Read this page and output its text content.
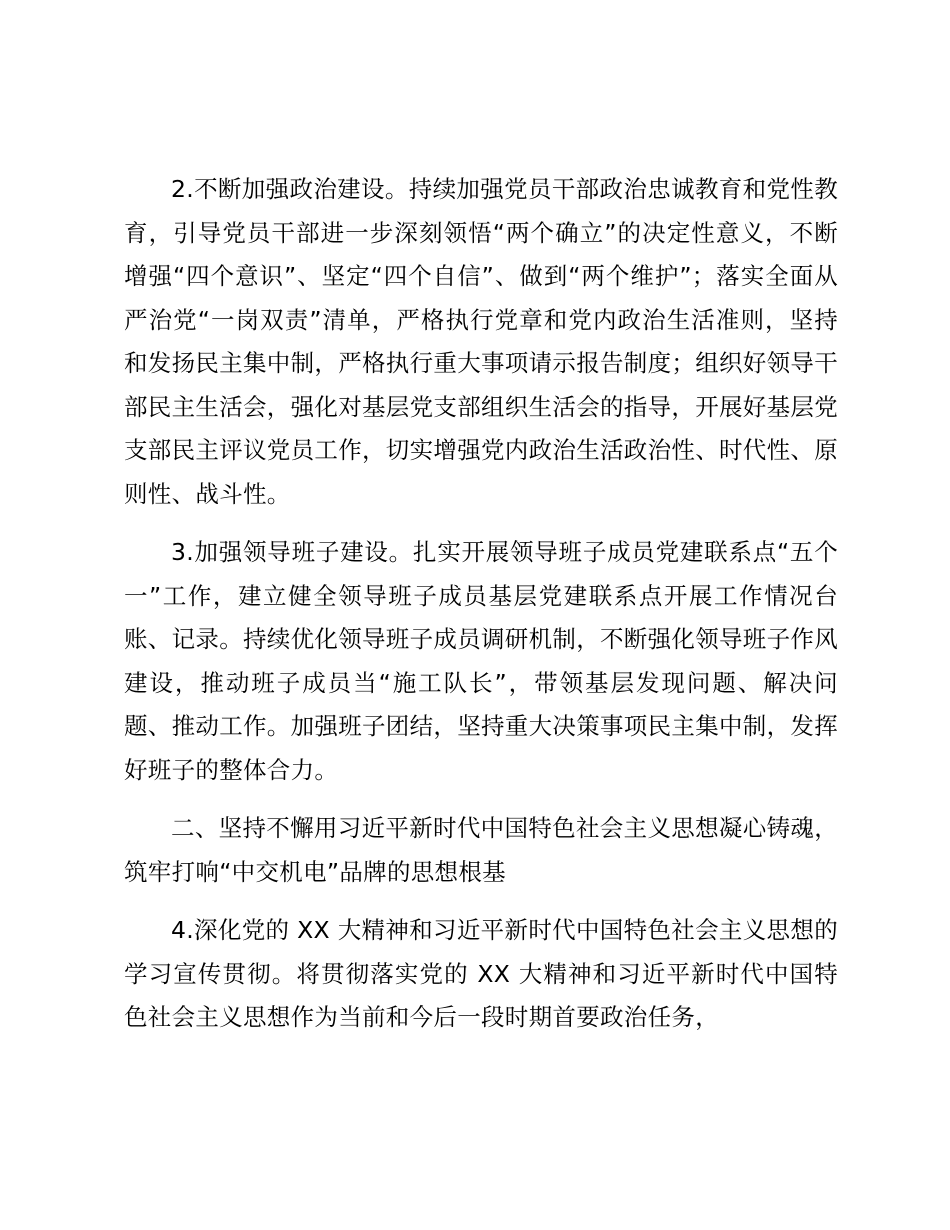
2.不断加强政治建设。持续加强党员干部政治忠诚教育和党性教育，引导党员干部进一步深刻领悟“两个确立”的决定性意义，不断增强“四个意识”、坚定“四个自信”、做到“两个维护”；落实全面从严治党“一岗双责”清单，严格执行党章和党内政治生活准则，坚持和发扬民主集中制，严格执行重大事项请示报告制度；组织好领导干部民主生活会，强化对基层党支部组织生活会的指导，开展好基层党支部民主评议党员工作，切实增强党内政治生活政治性、时代性、原则性、战斗性。

3.加强领导班子建设。扎实开展领导班子成员党建联系点“五个一”工作，建立健全领导班子成员基层党建联系点开展工作情况台账、记录。持续优化领导班子成员调研机制，不断强化领导班子作风建设，推动班子成员当“施工队长”，带领基层发现问题、解决问题、推动工作。加强班子团结，坚持重大决策事项民主集中制，发挥好班子的整体合力。

二、坚持不懈用习近平新时代中国特色社会主义思想凝心铸魂，筑牢打响“中交机电”品牌的思想根基

4.深化党的 XX 大精神和习近平新时代中国特色社会主义思想的学习宣传贯彻。将贯彻落实党的 XX 大精神和习近平新时代中国特色社会主义思想作为当前和今后一段时期首要政治任务，
